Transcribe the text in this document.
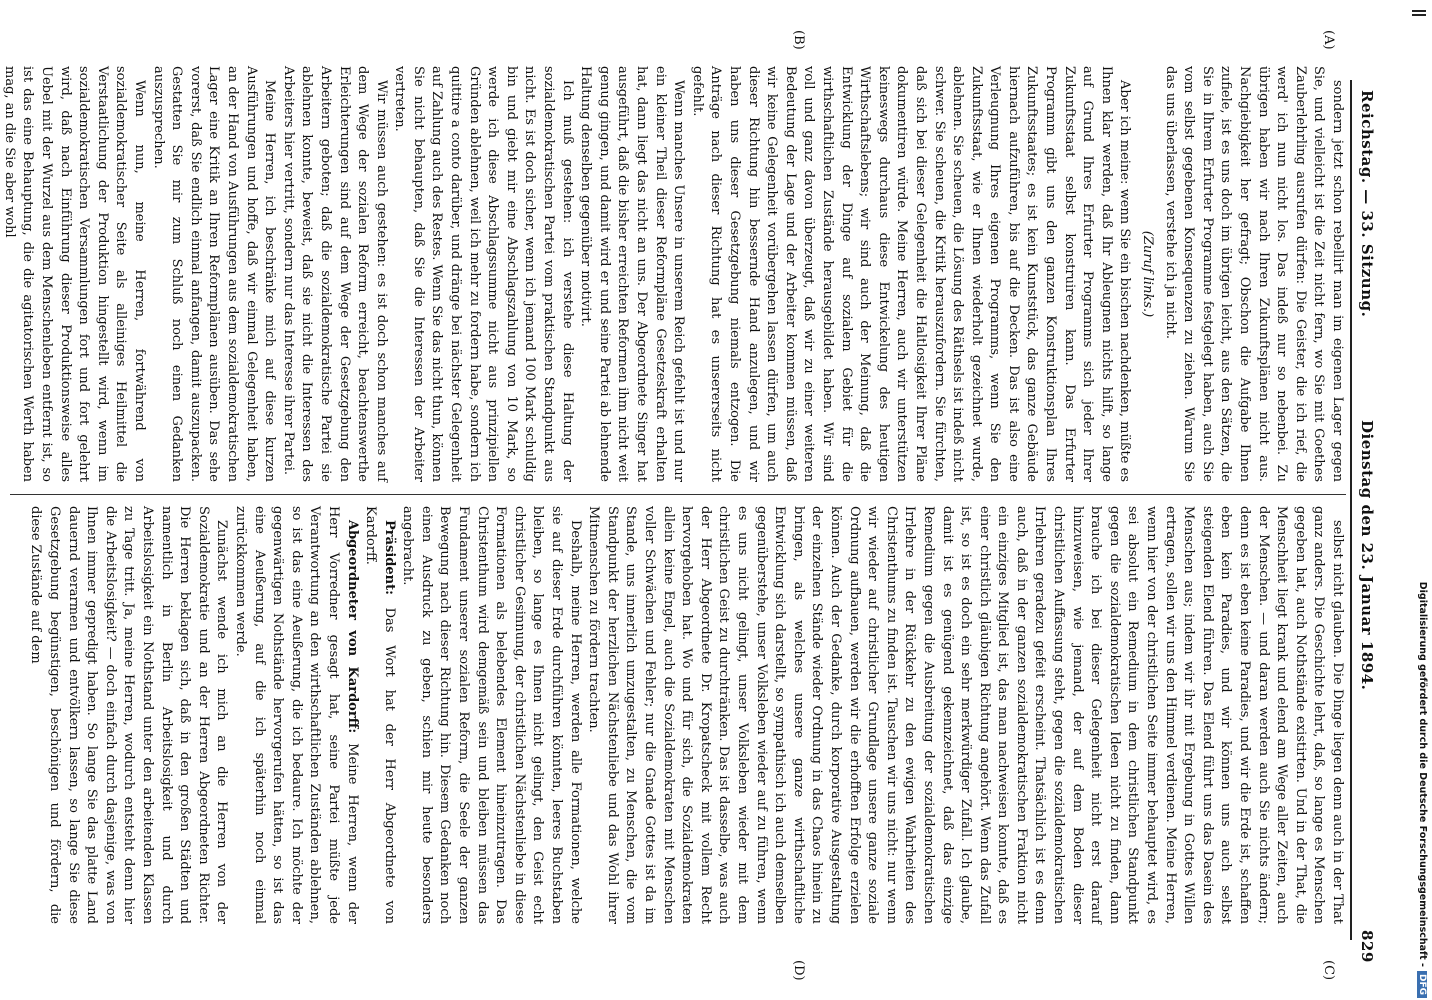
Reichstag. — 33. Sitzung.
Dienstag den 23. Januar 1894.
829
(A)
(B)
(C)
(D)

sondern jetzt schon rebellirt man im eigenen Lager gegen Sie, und vielleicht ist die Zeit nicht fern, wo Sie mit Goethes Zauberlehrling ausrufen dürfen: Die Geister, die ich rief, die werd' ich nun nicht los. Das indeß nur so nebenbei. Zu übrigen haben wir nach Ihren Zukunftsplänen nicht aus. Nachgiebigkeit her gefragt; Obschon die Aufgabe Ihnen zufiele, ist es uns doch im übrigen leicht, aus den Sätzen, die Sie in Ihrem Erfurter Programme festgelegt haben, auch Sie vom selbst gegebenen Konsequenzen zu ziehen. Warum Sie das uns überlassen, verstehe ich ja nicht.

(Zuruf links.)

Aber ich meine: wenn Sie ein bischen nachdenken, müßte es Ihnen klar werden, daß Ihr Ableugnen nichts hilft, so lange auf Grund Ihres Erfurter Programms sich jeder Ihrer Zukunftsstaat selbst konstruiren kann. Das Erfurter Programm gibt uns den ganzen Konstruktionsplan Ihres Zukunftsstaates; es ist kein Kunststück, das ganze Gebäude hiernach aufzuführen, bis auf die Decken. Das ist also eine Verleugnung Ihres eigenen Programms, wenn Sie den Zukunftsstaat, wie er Ihnen wiederholt gezeichnet wurde, ablehnen. Sie scheuen, die Lösung des Räthsels ist indeß nicht schwer. Sie scheuen, die Kritik herauszufordern. Sie fürchten, daß sich bei dieser Gelegenheit die Haltlosigkeit Ihrer Pläne dokumentiren würde. Meine Herren, auch wir unterstützen keineswegs durchaus diese Entwickelung des heutigen Wirthschaftslebens; wir sind auch der Meinung, daß die Entwicklung der Dinge auf sozialem Gebiet für die wirthschaftlichen Zustände herausgebildet haben. Wir sind voll und ganz davon überzeugt, daß wir zu einer weiteren Bedeutung der Lage und der Arbeiter kommen müssen, daß wir keine Gelegenheit vorübergehen lassen dürfen, um auch dieser Richtung hin bessernde Hand anzulegen, und wir haben uns dieser Gesetzgebung niemals entzogen. Die Anträge nach dieser Richtung hat es unsererseits nicht gefehlt.

Wenn manches Unsere in unserem Reich gefehlt ist und nur ein kleiner Theil dieser Reformpläne Gesetzeskraft erhalten hat, dann liegt das nicht an uns. Der Abgeordnete Singer hat ausgeführt, daß die bisher erreichten Reformen ihm nicht weit genug gingen, und damit wird er und seine Partei ab lehnende Haltung denselben gegenüber motivirt.

Ich muß gestehen: ich verstehe diese Haltung der sozialdemokratischen Partei vom praktischen Standpunkt aus nicht. Es ist doch sicher, wenn ich jemand 100 Mark schuldig bin und giebt mir eine Abschlagszahlung von 10 Mark, so werde ich diese Abschlagssumme nicht aus prinzipiellen Gründen ablehnen, weil ich mehr zu fordern habe, sondern ich quittire a conto darüber, und dränge bei nächster Gelegenheit auf Zahlung auch des Restes. Wenn Sie das nicht thun, können Sie nicht behaupten, daß Sie die Interessen der Arbeiter vertreten.

Wir müssen auch gestehen: es ist doch schon manches auf dem Wege der sozialen Reform erreicht, beachtenswerthe Erleichterungen sind auf dem Wege der Gesetzgebung den Arbeitern geboten; daß die sozialdemokratische Partei sie ablehnen konnte, beweist, daß sie nicht die Interessen des Arbeiters hier vertritt, sondern nur das Interesse ihrer Partei.

Meine Herren, ich beschränke mich auf diese kurzen Ausführungen und hoffe, daß wir einmal Gelegenheit haben, an der Hand von Ausführungen aus dem sozialdemokratischen Lager eine Kritik an Ihren Reformplänen ausüben. Das sehe vorerst, daß Sie endlich einmal anfangen, damit auszupacken. Gestatten Sie mir zum Schluß noch einen Gedanken auszusprechen.

Wenn nun, meine Herren, fortwährend von sozialdemokratischer Seite als alleiniges Heilmittel die Verstaatlichung der Produktion hingestellt wird, wenn im sozialdemokratischen Versammlungen fort und fort gelehrt wird, daß nach Einführung dieser Produktionsweise alles Uebel mit der Wurzel aus dem Menschenleben entfernt ist, so ist das eine Behauptung, die die agitatorischen Werth haben mag, an die Sie aber wohl

selbst nicht glauben. Die Dinge liegen denn auch in der That ganz anders. Die Geschichte lehrt, daß, so lange es Menschen gegeben hat, auch Nothstände existirten. Und in der That, die Menschheit liegt krank und elend am Wege aller Zeiten, auch der Menschen. — und daran werden auch Sie nichts ändern; denn es ist eben keine Paradies, und wir die Erde ist, schaffen eben kein Paradies, und wir können uns auch selbst steigenden Elend führen. Das Elend führt uns das Dasein des Menschen aus; indem wir ihr mit Ergebung in Gottes Willen ertragen, sollen wir uns den Himmel verdienen. Meine Herren, wenn hier von der christlichen Seite immer behauptet wird, es sei absolut ein Remedium in dem christlichen Standpunkt gegen die sozialdemokratischen Ideen nicht zu finden, dann brauche ich bei dieser Gelegenheit nicht erst darauf hinzuweisen, wie jemand, der auf dem Boden dieser christlichen Auffassung steht, gegen die sozialdemokratischen Irrlehren geradezu gefeit erscheint. Thatsächlich ist es denn auch, daß in der ganzen sozialdemokratischen Fraktion nicht ein einziges Mitglied ist, das man nachweisen konnte, daß es einer christlich gläubigen Richtung angehört. Wenn das Zufall ist, so ist es doch ein sehr merkwürdiger Zufall. Ich glaube, damit ist es genügend gekennzeichnet, daß das einzige Remedium gegen die Ausbreitung der sozialdemokratischen Irrlehre in der Rückkehr zu den ewigen Wahrheiten des Christenthums zu finden ist. Tauschen wir uns nicht: nur wenn wir wieder auf christlicher Grundlage unsere ganze soziale Ordnung aufbauen, werden wir die erhofften Erfolge erzielen können. Auch der Gedanke, durch korporative Ausgestaltung der einzelnen Stände wieder Ordnung in das Chaos hinein zu bringen, als welches unsere ganze wirthschaftliche Entwicklung sich darstellt, so sympathisch ich auch demselben gegenüberstehe, unser Volksleben wieder auf zu führen, wenn es uns nicht gelingt, unser Volksleben wieder mit dem christlichen Geist zu durchtränken. Das ist dasselbe, was auch der Herr Abgeordnete Dr. Kropatscheck mit vollem Recht hervorgehoben hat. Wo und für sich, die Sozialdemokraten allein keine Engel, auch die Sozialdemokraten mit Menschen voller Schwächen und Fehler; nur die Gnade Gottes ist da im Stande, uns innerlich umzugestalten, zu Menschen, die vom Standpunkt der herzlichen Nächstenliebe und das Wohl ihrer Mitmenschen zu fördern trachten.

Deshalb, meine Herren, werden alle Formationen, welche sie auf dieser Erde durchführen könnten, leeres Buchstaben bleiben, so lange es Ihnen nicht gelingt, den Geist echt christlicher Gesinnung, der christlichen Nächstenliebe in diese Formationen als belebendes Element hineinzutragen. Das Christenthum wird demgemäß sein und bleiben müssen das Fundament unserer sozialen Reform, die Seele der ganzen Bewegung nach dieser Richtung hin. Diesem Gedanken noch einen Ausdruck zu geben, schien mir heute besonders angebracht.

Präsident: Das Wort hat der Herr Abgeordnete von Kardorff.

Abgeordneter von Kardorff: Meine Herren, wenn der Herr Vorredner gesagt hat, seine Partei müßte jede Verantwortung an den wirthschaftlichen Zuständen ablehnen, so ist das eine Aeußerung, die ich bedaure. Ich möchte der gegenwärtigen Nothstände hervorgerufen hätten, so ist das eine Aeußerung, auf die ich späterhin noch einmal zurückkommen werde.

Zunächst wende ich mich an die Herren von der Sozialdemokratie und an der Herren Abgeordneten Richter. Die Herren beklagen sich, daß in den großen Städten und namentlich in Berlin Arbeitslosigkeit und durch Arbeitslosigkeit ein Nothstand unter den arbeitenden Klassen zu Tage tritt. Ja, meine Herren, wodurch entsteht denn hier die Arbeitslosigkeit? — doch einfach durch dasjenige, was von Ihnen immer gepredigt haben. So lange Sie das platte Land dauernd verarmen und entvölkern lassen, so lange Sie diese Gesetzgebung begünstigen, beschönigen und fördern, die diese Zustände auf dem	Digitalisierung gefördert durch die Deutsche Forschungsgemeinschaft -DFG
